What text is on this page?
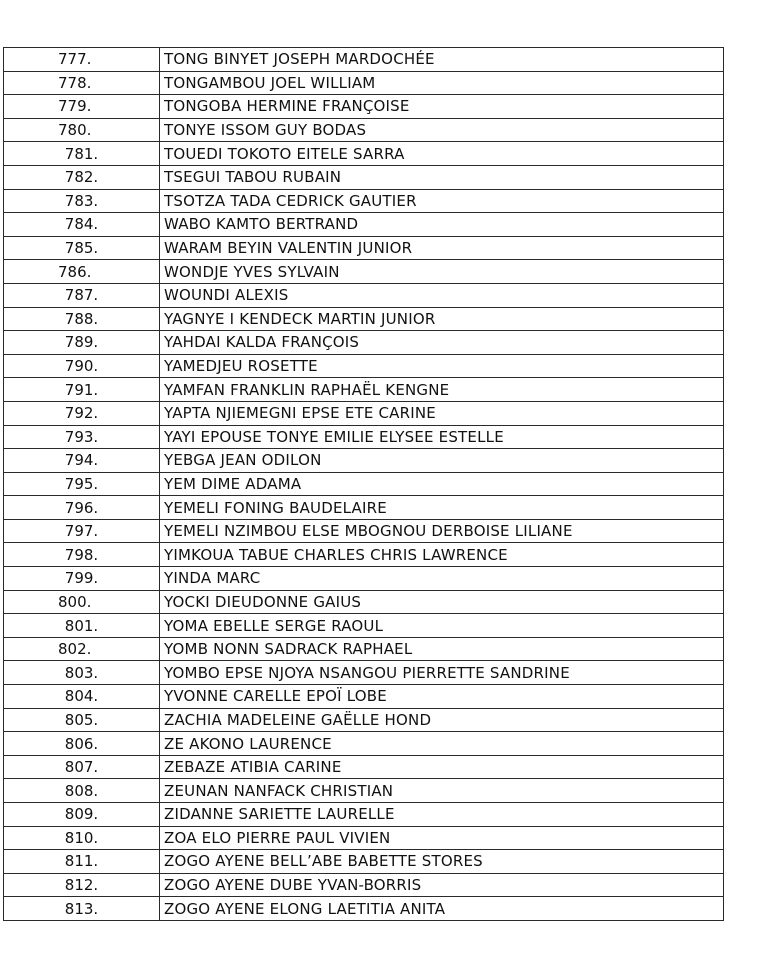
777.	TONG BINYET JOSEPH MARDOCHÉE
778.	TONGAMBOU JOEL WILLIAM
779.	TONGOBA HERMINE FRANÇOISE
780.	TONYE ISSOM GUY BODAS
781.	TOUEDI TOKOTO EITELE SARRA
782.	TSEGUI TABOU RUBAIN
783.	TSOTZA TADA CEDRICK GAUTIER
784.	WABO KAMTO BERTRAND
785.	WARAM BEYIN VALENTIN JUNIOR
786.	WONDJE YVES SYLVAIN
787.	WOUNDI ALEXIS
788.	YAGNYE I KENDECK MARTIN JUNIOR
789.	YAHDAI KALDA FRANÇOIS
790.	YAMEDJEU ROSETTE
791.	YAMFAN FRANKLIN RAPHAËL KENGNE
792.	YAPTA NJIEMEGNI EPSE ETE CARINE
793.	YAYI EPOUSE TONYE EMILIE ELYSEE ESTELLE
794.	YEBGA JEAN ODILON
795.	YEM DIME ADAMA
796.	YEMELI FONING BAUDELAIRE
797.	YEMELI NZIMBOU ELSE MBOGNOU DERBOISE LILIANE
798.	YIMKOUA TABUE CHARLES CHRIS LAWRENCE
799.	YINDA MARC
800.	YOCKI DIEUDONNE GAIUS
801.	YOMA EBELLE SERGE RAOUL
802.	YOMB NONN SADRACK RAPHAEL
803.	YOMBO EPSE NJOYA NSANGOU PIERRETTE SANDRINE
804.	YVONNE CARELLE EPOÏ LOBE
805.	ZACHIA MADELEINE GAËLLE HOND
806.	ZE AKONO LAURENCE
807.	ZEBAZE ATIBIA CARINE
808.	ZEUNAN NANFACK CHRISTIAN
809.	ZIDANNE SARIETTE LAURELLE
810.	ZOA ELO PIERRE PAUL VIVIEN
811.	ZOGO AYENE BELL’ABE BABETTE STORES
812.	ZOGO AYENE DUBE YVAN-BORRIS
813.	ZOGO AYENE ELONG LAETITIA ANITA
